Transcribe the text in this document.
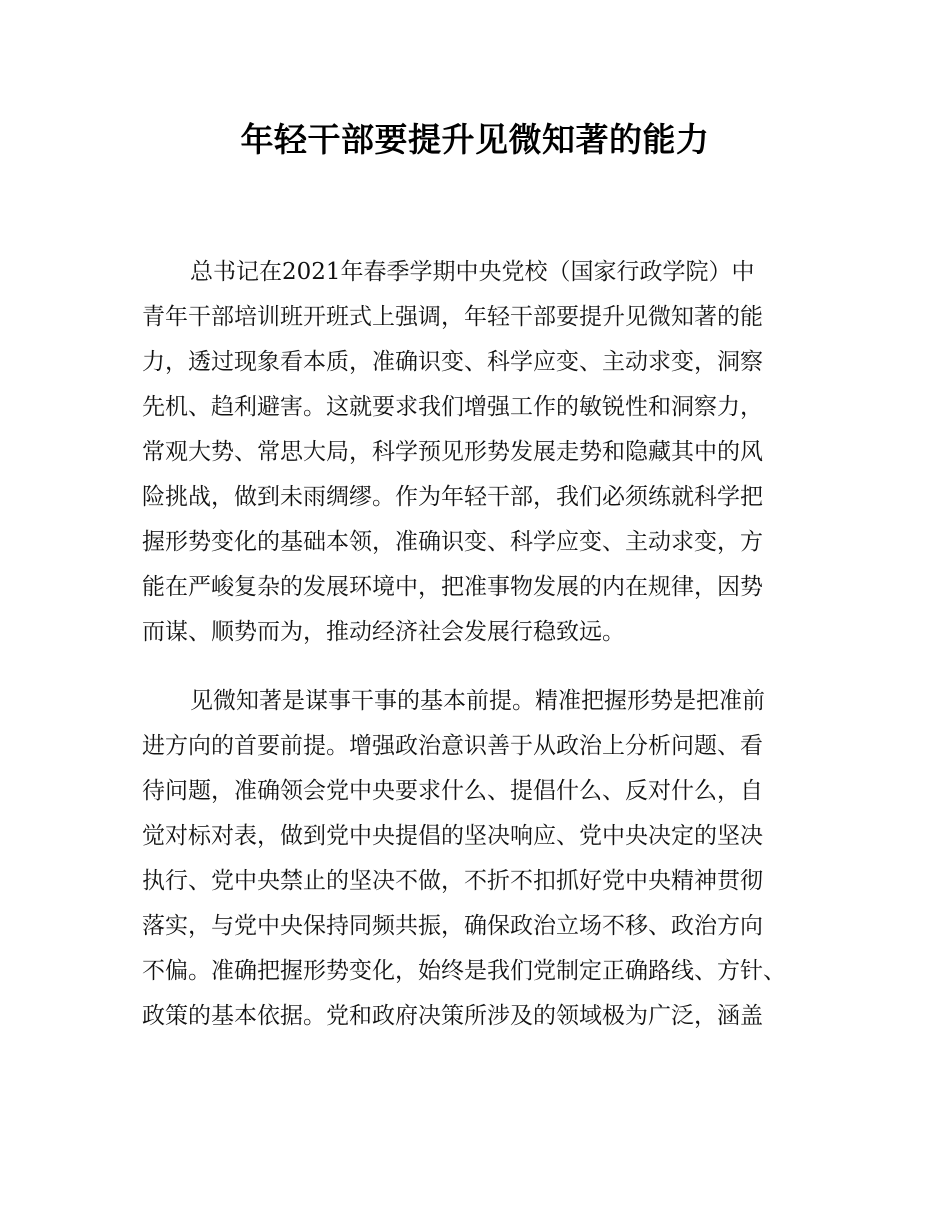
年轻干部要提升见微知著的能力
总书记在2021年春季学期中央党校（国家行政学院）中
青年干部培训班开班式上强调，年轻干部要提升见微知著的能
力，透过现象看本质，准确识变、科学应变、主动求变，洞察
先机、趋利避害。这就要求我们增强工作的敏锐性和洞察力，
常观大势、常思大局，科学预见形势发展走势和隐藏其中的风
险挑战，做到未雨绸缪。作为年轻干部，我们必须练就科学把
握形势变化的基础本领，准确识变、科学应变、主动求变，方
能在严峻复杂的发展环境中，把准事物发展的内在规律，因势
而谋、顺势而为，推动经济社会发展行稳致远。
见微知著是谋事干事的基本前提。精准把握形势是把准前
进方向的首要前提。增强政治意识善于从政治上分析问题、看
待问题，准确领会党中央要求什么、提倡什么、反对什么，自
觉对标对表，做到党中央提倡的坚决响应、党中央决定的坚决
执行、党中央禁止的坚决不做，不折不扣抓好党中央精神贯彻
落实，与党中央保持同频共振，确保政治立场不移、政治方向
不偏。准确把握形势变化，始终是我们党制定正确路线、方针、
政策的基本依据。党和政府决策所涉及的领域极为广泛，涵盖
